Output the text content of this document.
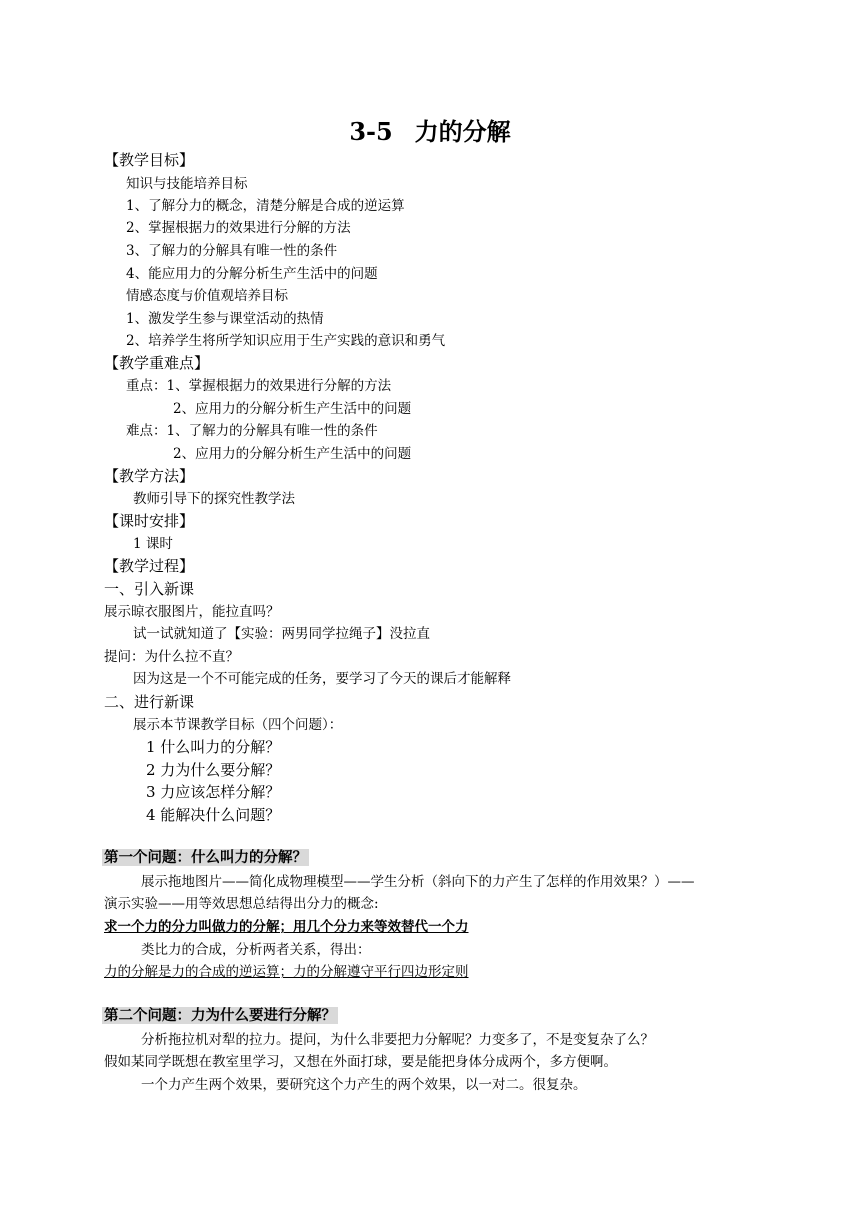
3-5 力的分解
【教学目标】
知识与技能培养目标
1、了解分力的概念，清楚分解是合成的逆运算
2、掌握根据力的效果进行分解的方法
3、了解力的分解具有唯一性的条件
4、能应用力的分解分析生产生活中的问题
情感态度与价值观培养目标
1、激发学生参与课堂活动的热情
2、培养学生将所学知识应用于生产实践的意识和勇气
【教学重难点】
重点：1、掌握根据力的效果进行分解的方法
2、应用力的分解分析生产生活中的问题
难点：1、了解力的分解具有唯一性的条件
2、应用力的分解分析生产生活中的问题
【教学方法】
教师引导下的探究性教学法
【课时安排】
1 课时
【教学过程】
一、引入新课
展示晾衣服图片，能拉直吗？
试一试就知道了【实验：两男同学拉绳子】没拉直
提问：为什么拉不直？
因为这是一个不可能完成的任务，要学习了今天的课后才能解释
二、进行新课
展示本节课教学目标（四个问题）：
1 什么叫力的分解？
2 力为什么要分解？
3 力应该怎样分解？
4 能解决什么问题？
第一个问题：什么叫力的分解？
展示拖地图片——简化成物理模型——学生分析（斜向下的力产生了怎样的作用效果？）——
演示实验——用等效思想总结得出分力的概念:
求一个力的分力叫做力的分解；用几个分力来等效替代一个力
类比力的合成，分析两者关系，得出：
力的分解是力的合成的逆运算；力的分解遵守平行四边形定则
第二个问题：力为什么要进行分解？
分析拖拉机对犁的拉力。提问，为什么非要把力分解呢？力变多了，不是变复杂了么？
假如某同学既想在教室里学习，又想在外面打球，要是能把身体分成两个，多方便啊。
一个力产生两个效果，要研究这个力产生的两个效果，以一对二。很复杂。
